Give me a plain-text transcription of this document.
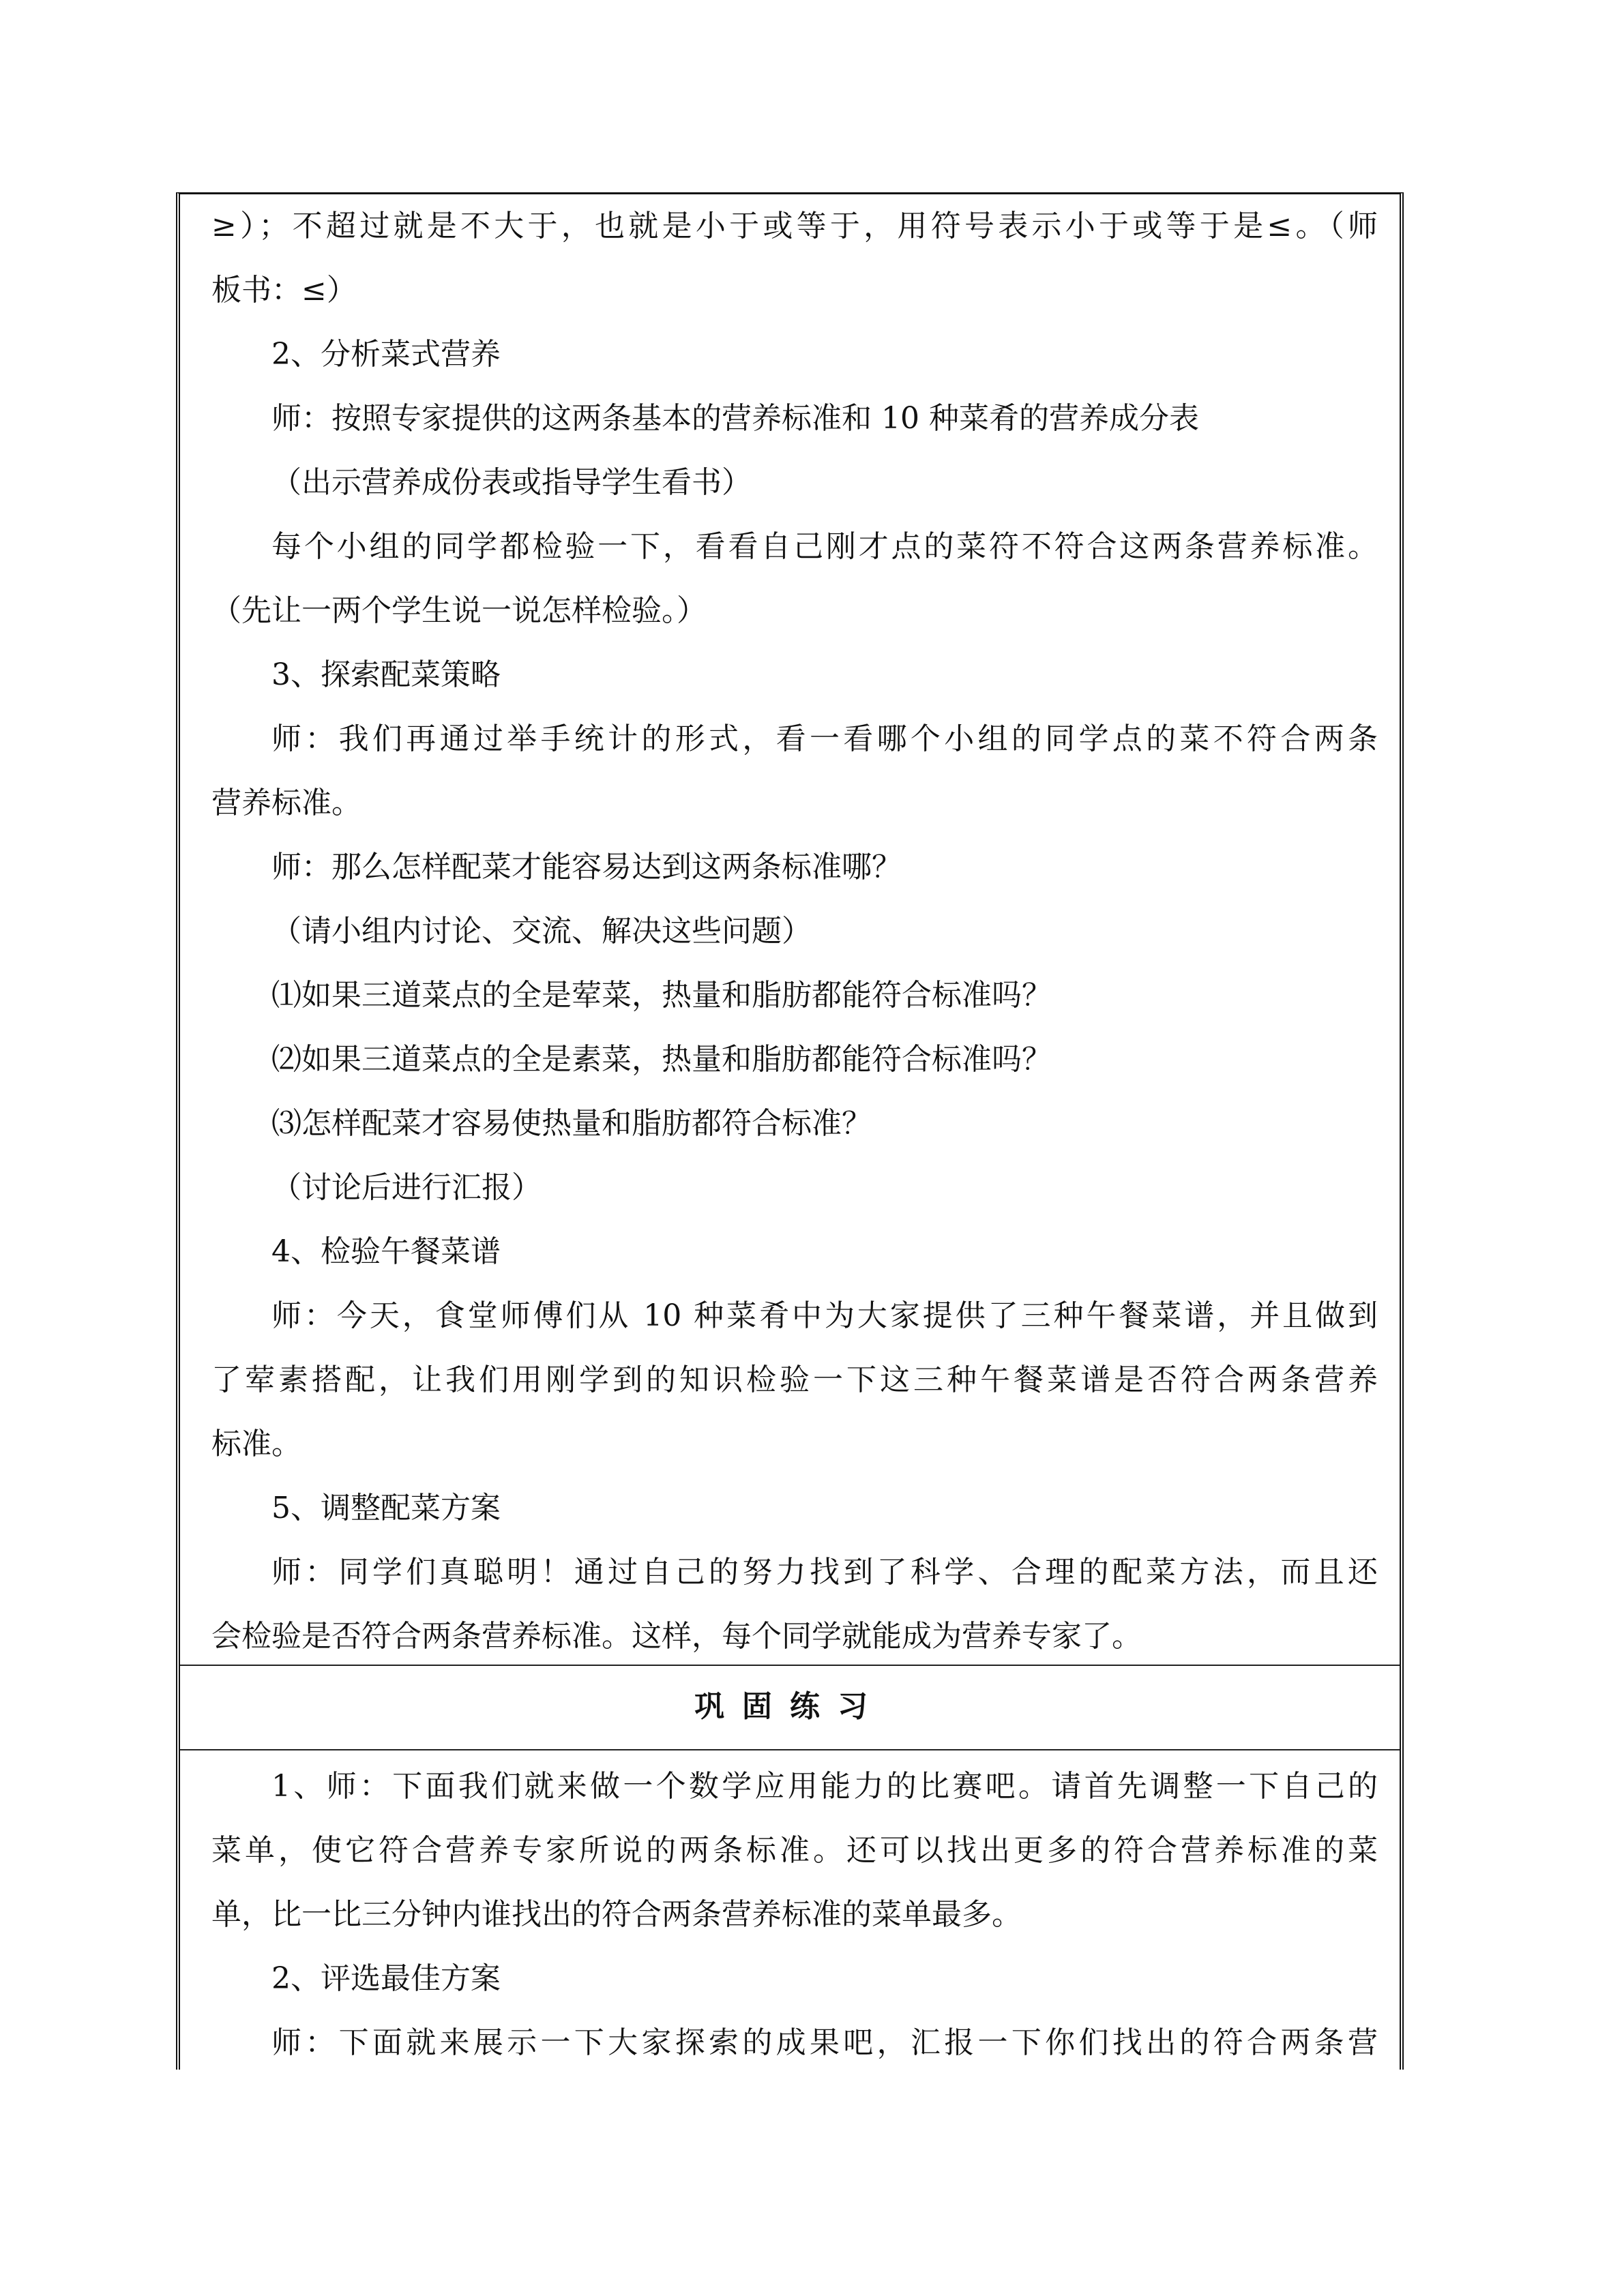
≥）；不超过就是不大于，也就是小于或等于，用符号表示小于或等于是≤。（师
板书：≤）
2、分析菜式营养
师：按照专家提供的这两条基本的营养标准和 10 种菜肴的营养成分表
（出示营养成份表或指导学生看书）
每个小组的同学都检验一下，看看自己刚才点的菜符不符合这两条营养标准。
（先让一两个学生说一说怎样检验。）
3、探索配菜策略
师：我们再通过举手统计的形式，看一看哪个小组的同学点的菜不符合两条
营养标准。
师：那么怎样配菜才能容易达到这两条标准哪？
（请小组内讨论、交流、解决这些问题）
⑴如果三道菜点的全是荤菜，热量和脂肪都能符合标准吗？
⑵如果三道菜点的全是素菜，热量和脂肪都能符合标准吗？
⑶怎样配菜才容易使热量和脂肪都符合标准？
（讨论后进行汇报）
4、检验午餐菜谱
师：今天，食堂师傅们从 10 种菜肴中为大家提供了三种午餐菜谱，并且做到
了荤素搭配，让我们用刚学到的知识检验一下这三种午餐菜谱是否符合两条营养
标准。
5、调整配菜方案
师：同学们真聪明！通过自己的努力找到了科学、合理的配菜方法，而且还
会检验是否符合两条营养标准。这样，每个同学就能成为营养专家了。
巩固练习
1、师：下面我们就来做一个数学应用能力的比赛吧。请首先调整一下自己的
菜单，使它符合营养专家所说的两条标准。还可以找出更多的符合营养标准的菜
单，比一比三分钟内谁找出的符合两条营养标准的菜单最多。
2、评选最佳方案
师：下面就来展示一下大家探索的成果吧，汇报一下你们找出的符合两条营
